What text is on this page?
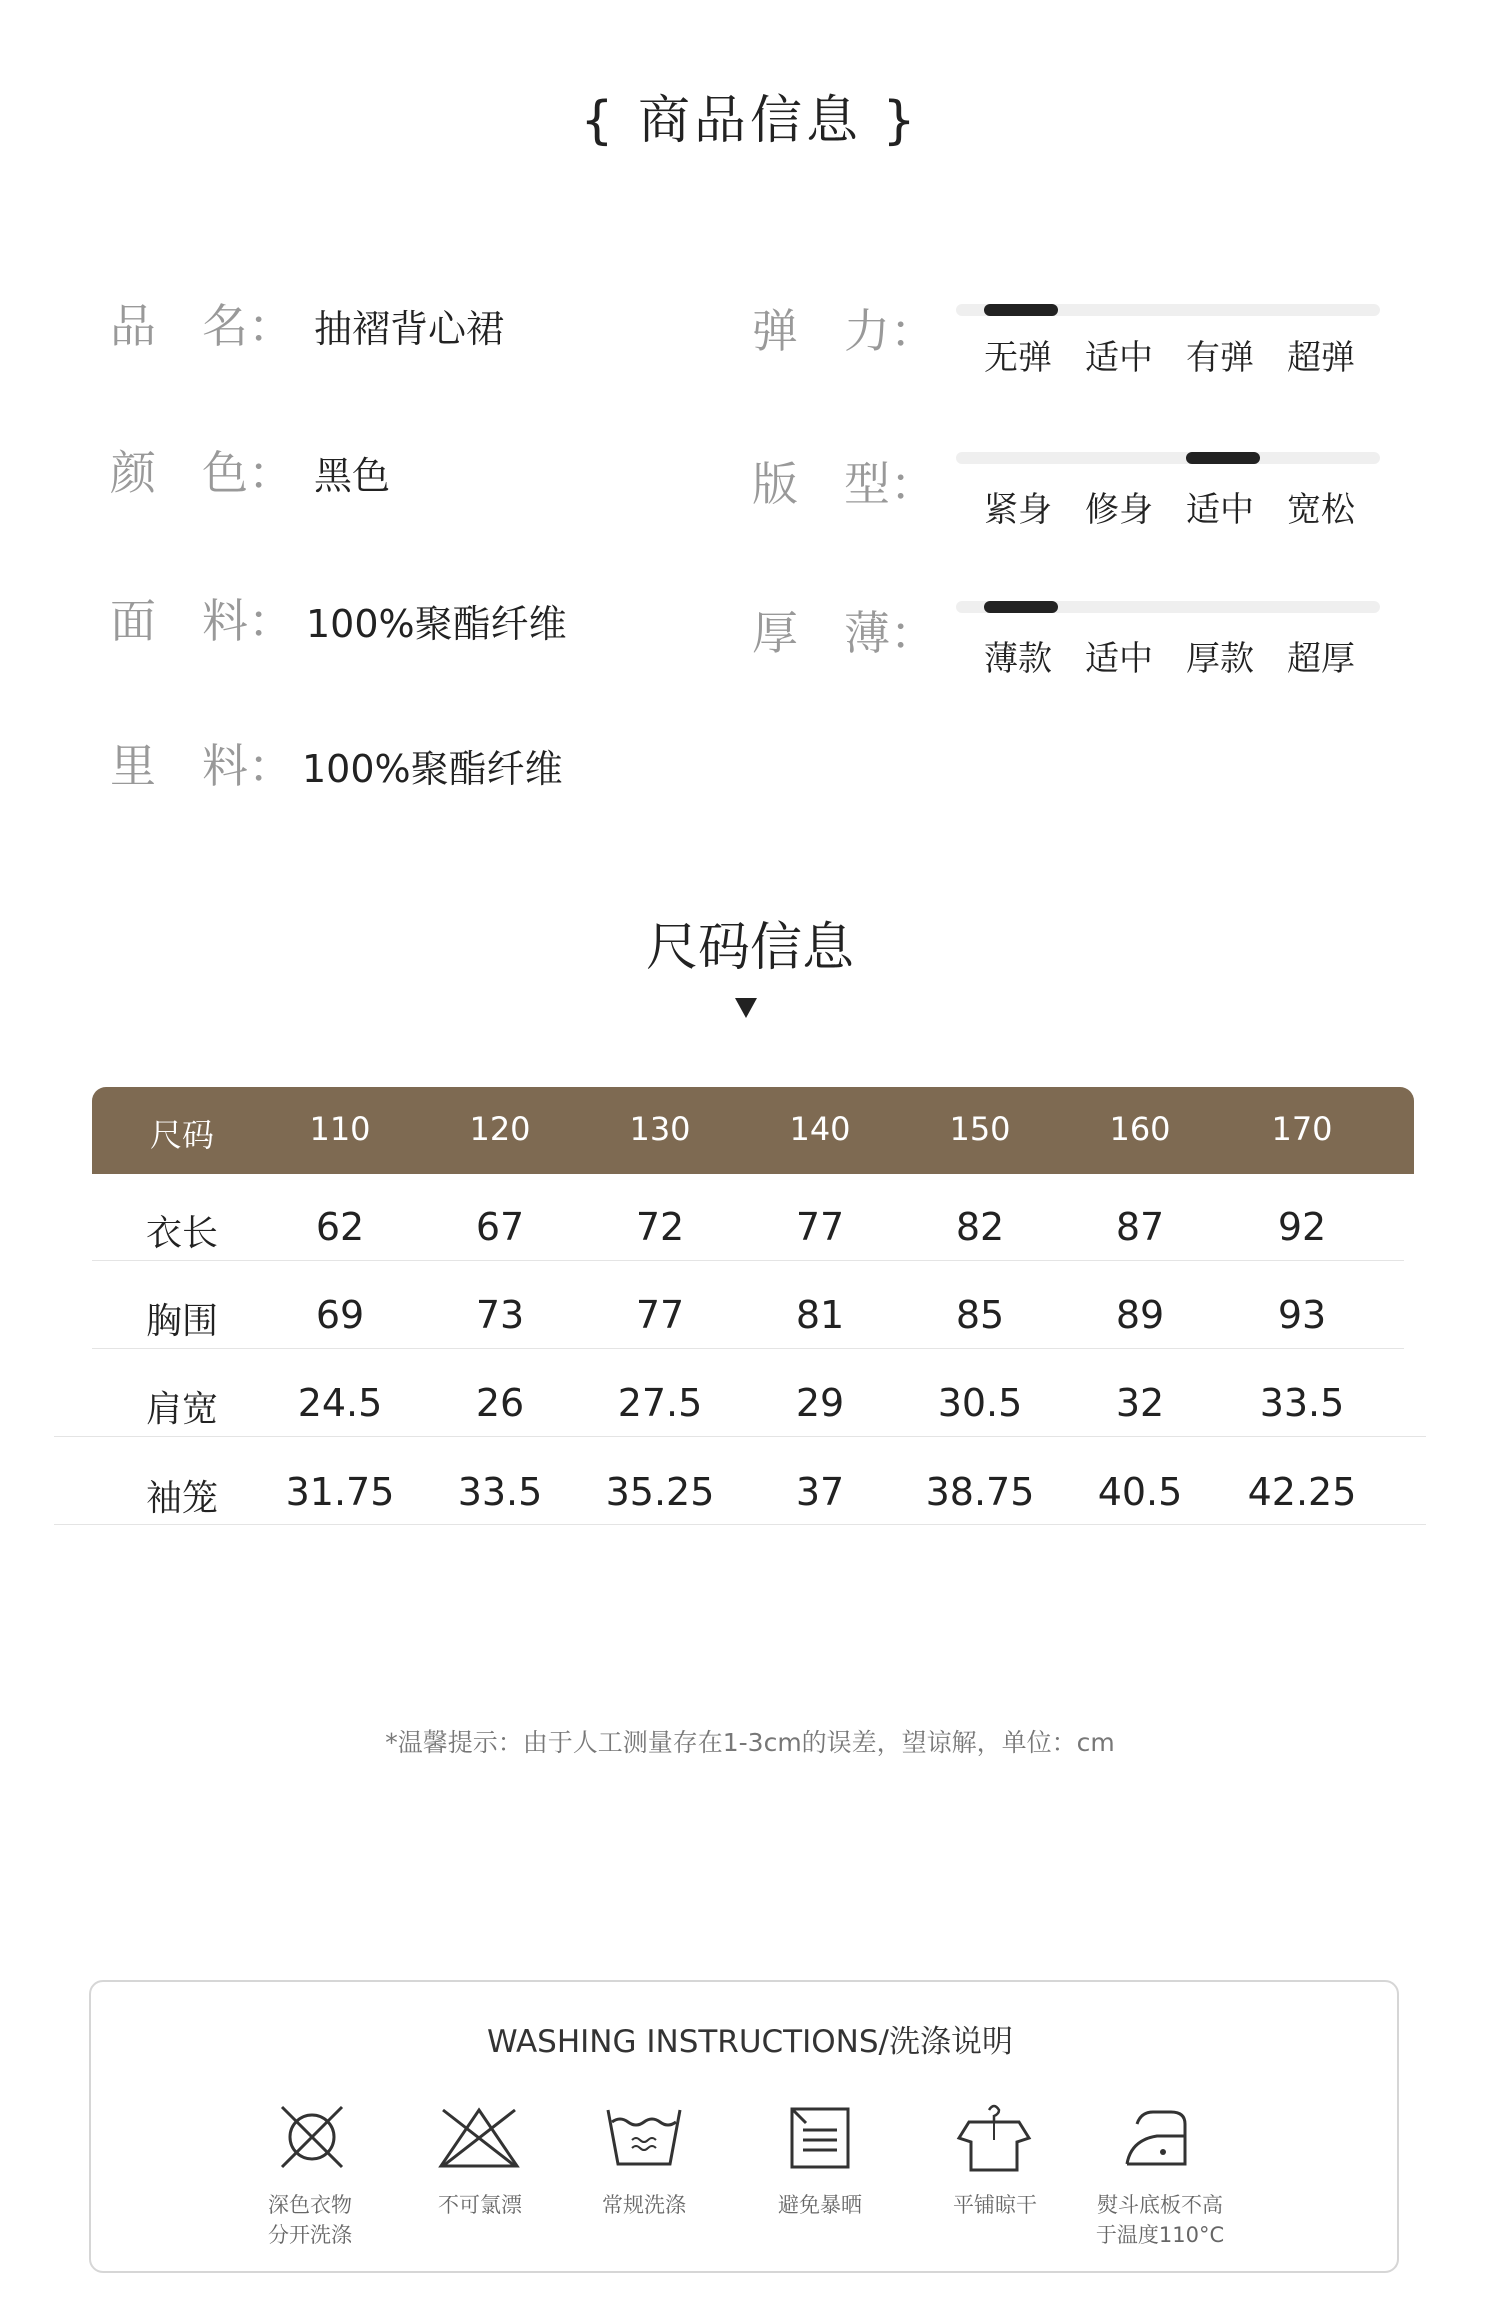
{ 商品信息 }
品　名： 抽褶背心裙
颜　色： 黑色
面　料： 100%聚酯纤维
里　料： 100%聚酯纤维
弹　力： 无弹 适中 有弹 超弹
版　型： 紧身 修身 适中 宽松
厚　薄： 薄款 适中 厚款 超厚
尺码信息
尺码	110	120	130	140	150	160	170
衣长	62	67	72	77	82	87	92
胸围	69	73	77	81	85	89	93
肩宽	24.5	26	27.5	29	30.5	32	33.5
袖笼	31.75	33.5	35.25	37	38.75	40.5	42.25
*温馨提示：由于人工测量存在1-3cm的误差，望谅解，单位：cm
WASHING INSTRUCTIONS/洗涤说明
深色衣物
分开洗涤
不可氯漂	常规洗涤	避免暴晒	平铺晾干	熨斗底板不高
于温度110°C
